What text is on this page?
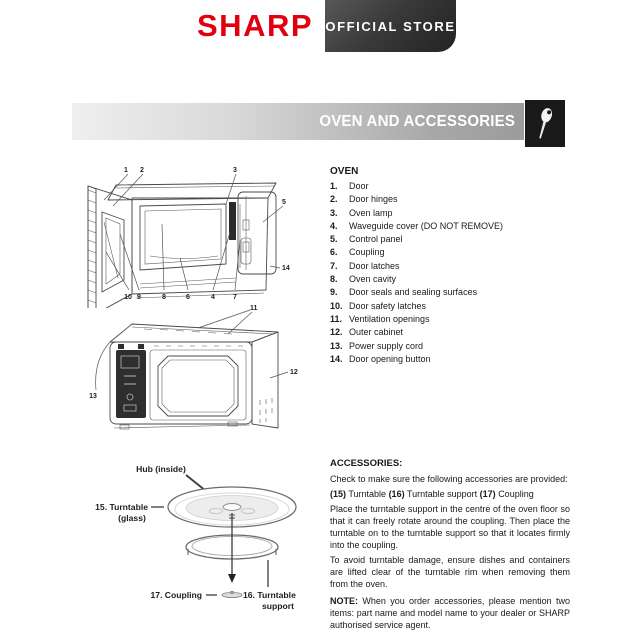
SHARP OFFICIAL STORE
OVEN AND ACCESSORIES
1 2	3
5
14
10 9	8	6	4	7
11
12
13
Hub (inside)
15. Turntable
(glass)
17. Coupling	16. Turntable
support
OVEN
1.	Door
2.	Door hinges
3.	Oven lamp
4.	Waveguide cover (DO NOT REMOVE)
5.	Control panel
6.	Coupling
7.	Door latches
8.	Oven cavity
9.	Door seals and sealing surfaces
10. Door safety latches
11. Ventilation openings
12. Outer cabinet
13. Power supply cord
14. Door opening button

ACCESSORIES:

Check to make sure the following accessories are provided:

(15) Turntable (16) Turntable support (17) Coupling

Place the turntable support in the centre of the oven floor so that it can freely rotate around the coupling. Then place the turntable on to the turntable support so that it locates firmly into the coupling.

To avoid turntable damage, ensure dishes and containers are lifted clear of the turntable rim when removing them from the oven.

NOTE: When you order accessories, please mention two items: part name and model name to your dealer or SHARP authorised service agent.
